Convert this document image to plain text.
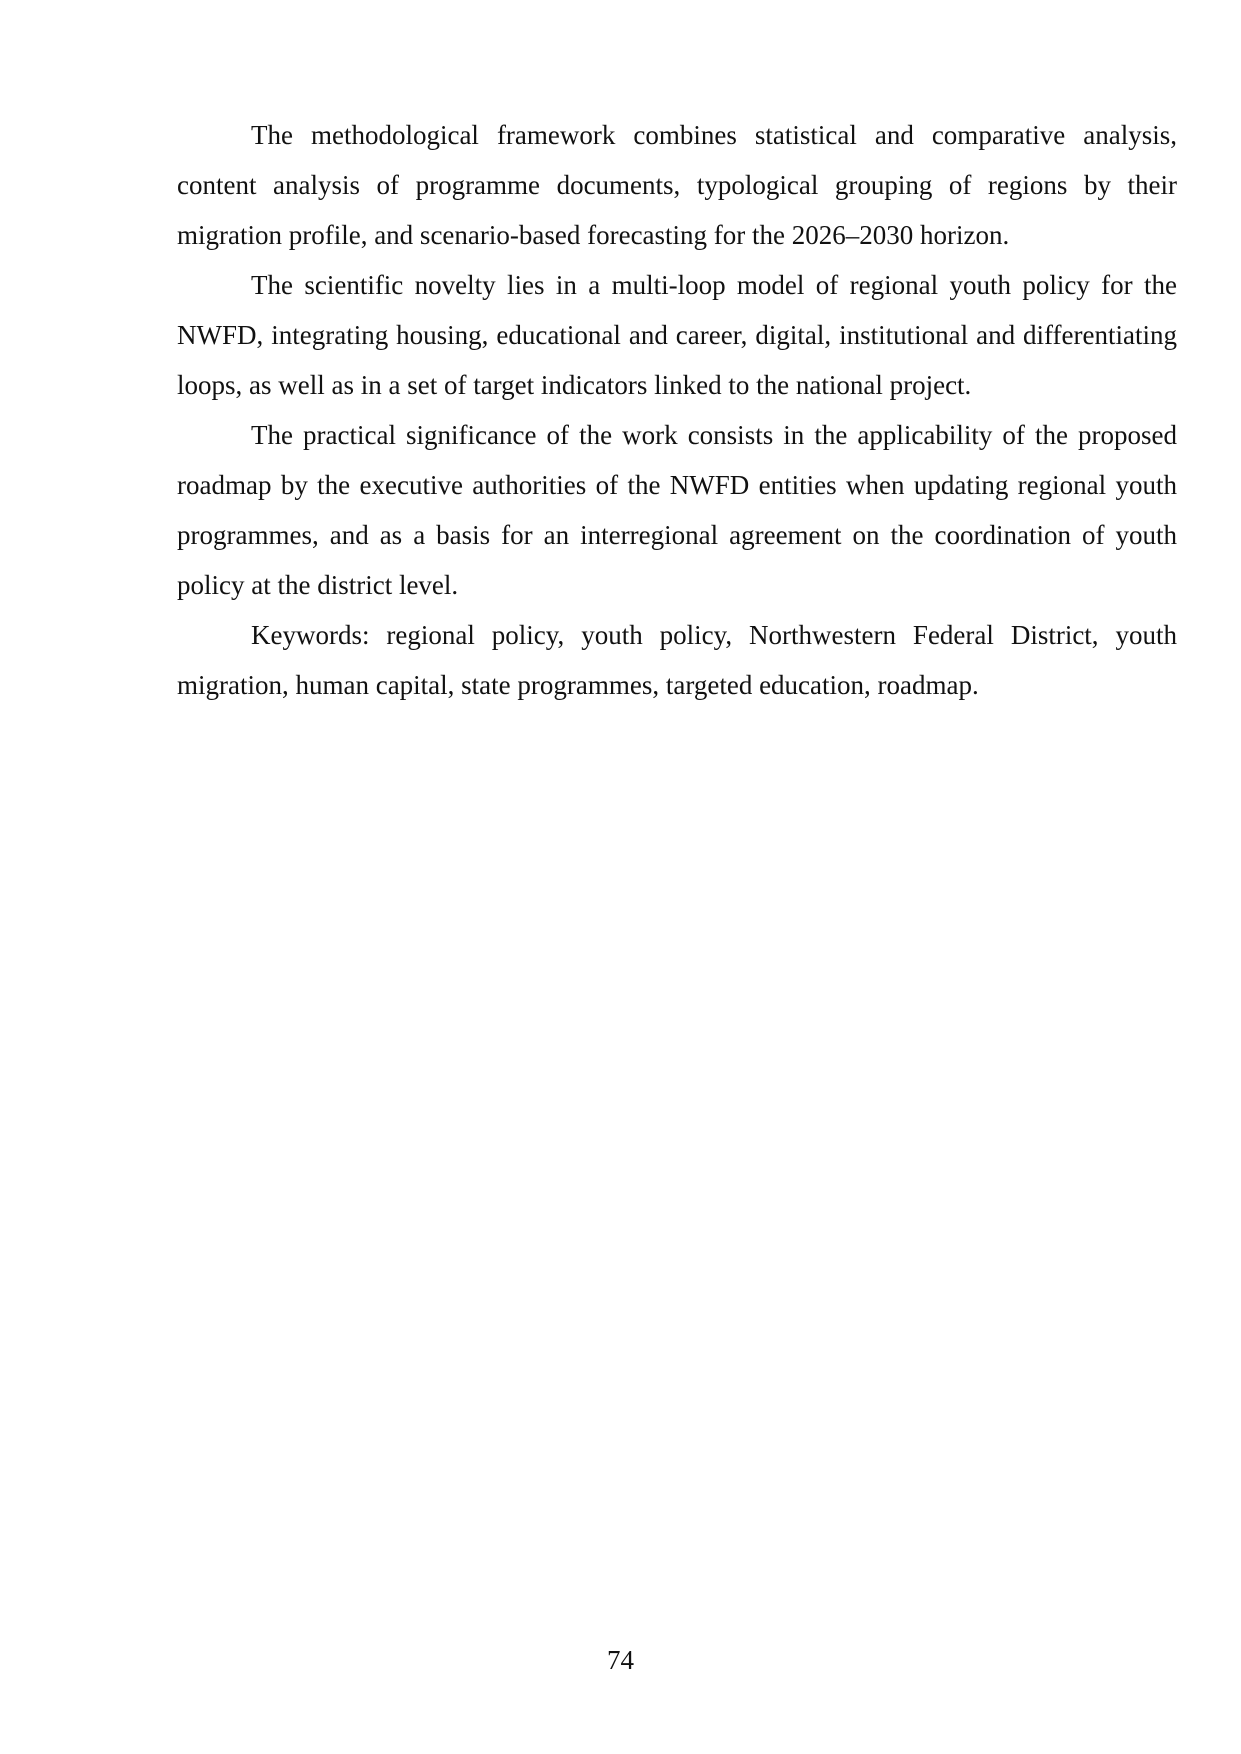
The methodological framework combines statistical and comparative analysis, content analysis of programme documents, typological grouping of regions by their migration profile, and scenario-based forecasting for the 2026–2030 horizon.

The scientific novelty lies in a multi-loop model of regional youth policy for the NWFD, integrating housing, educational and career, digital, institutional and differentiating loops, as well as in a set of target indicators linked to the national project.

The practical significance of the work consists in the applicability of the proposed roadmap by the executive authorities of the NWFD entities when updating regional youth programmes, and as a basis for an interregional agreement on the coordination of youth policy at the district level.

Keywords: regional policy, youth policy, Northwestern Federal District, youth migration, human capital, state programmes, targeted education, roadmap.

74
